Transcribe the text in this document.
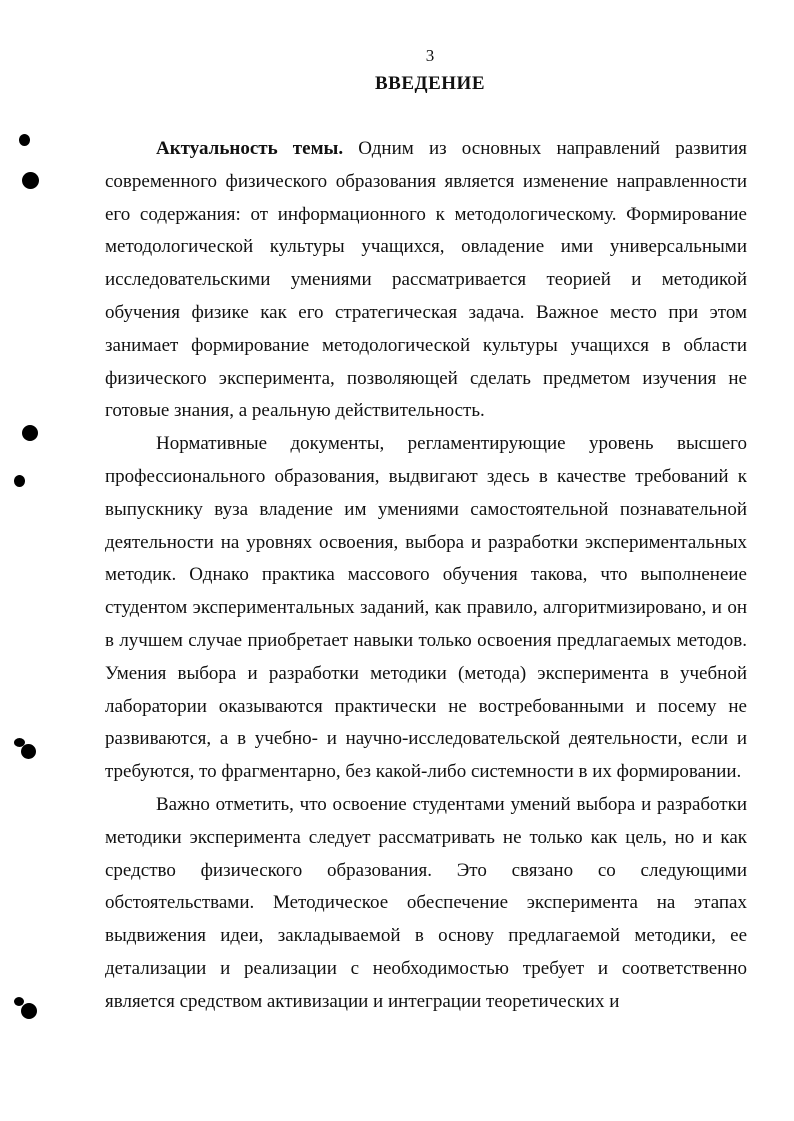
3
ВВЕДЕНИЕ

Актуальность темы. Одним из основных направлений развития современного физического образования является изменение направленности его содержания: от информационного к методологическому. Формирование методологической культуры учащихся, овладение ими универсальными исследовательскими умениями рассматривается теорией и методикой обучения физике как его стратегическая задача. Важное место при этом занимает формирование методологической культуры учащихся в области физического эксперимента, позволяющей сделать предметом изучения не готовые знания, а реальную действительность.

Нормативные документы, регламентирующие уровень высшего профессионального образования, выдвигают здесь в качестве требований к выпускнику вуза владение им умениями самостоятельной познавательной деятельности на уровнях освоения, выбора и разработки экспериментальных методик. Однако практика массового обучения такова, что выполненеие студентом экспериментальных заданий, как правило, алгоритмизировано, и он в лучшем случае приобретает навыки только освоения предлагаемых методов. Умения выбора и разработки методики (метода) эксперимента в учебной лаборатории оказываются практически не востребованными и посему не развиваются, а в учебно- и научно-исследовательской деятельности, если и требуются, то фрагментарно, без какой-либо системности в их формировании.

Важно отметить, что освоение студентами умений выбора и разработки методики эксперимента следует рассматривать не только как цель, но и как средство физического образования. Это связано со следующими обстоятельствами. Методическое обеспечение эксперимента на этапах выдвижения идеи, закладываемой в основу предлагаемой методики, ее детализации и реализации с необходимостью требует и соответственно является средством активизации и интеграции теоретических и
